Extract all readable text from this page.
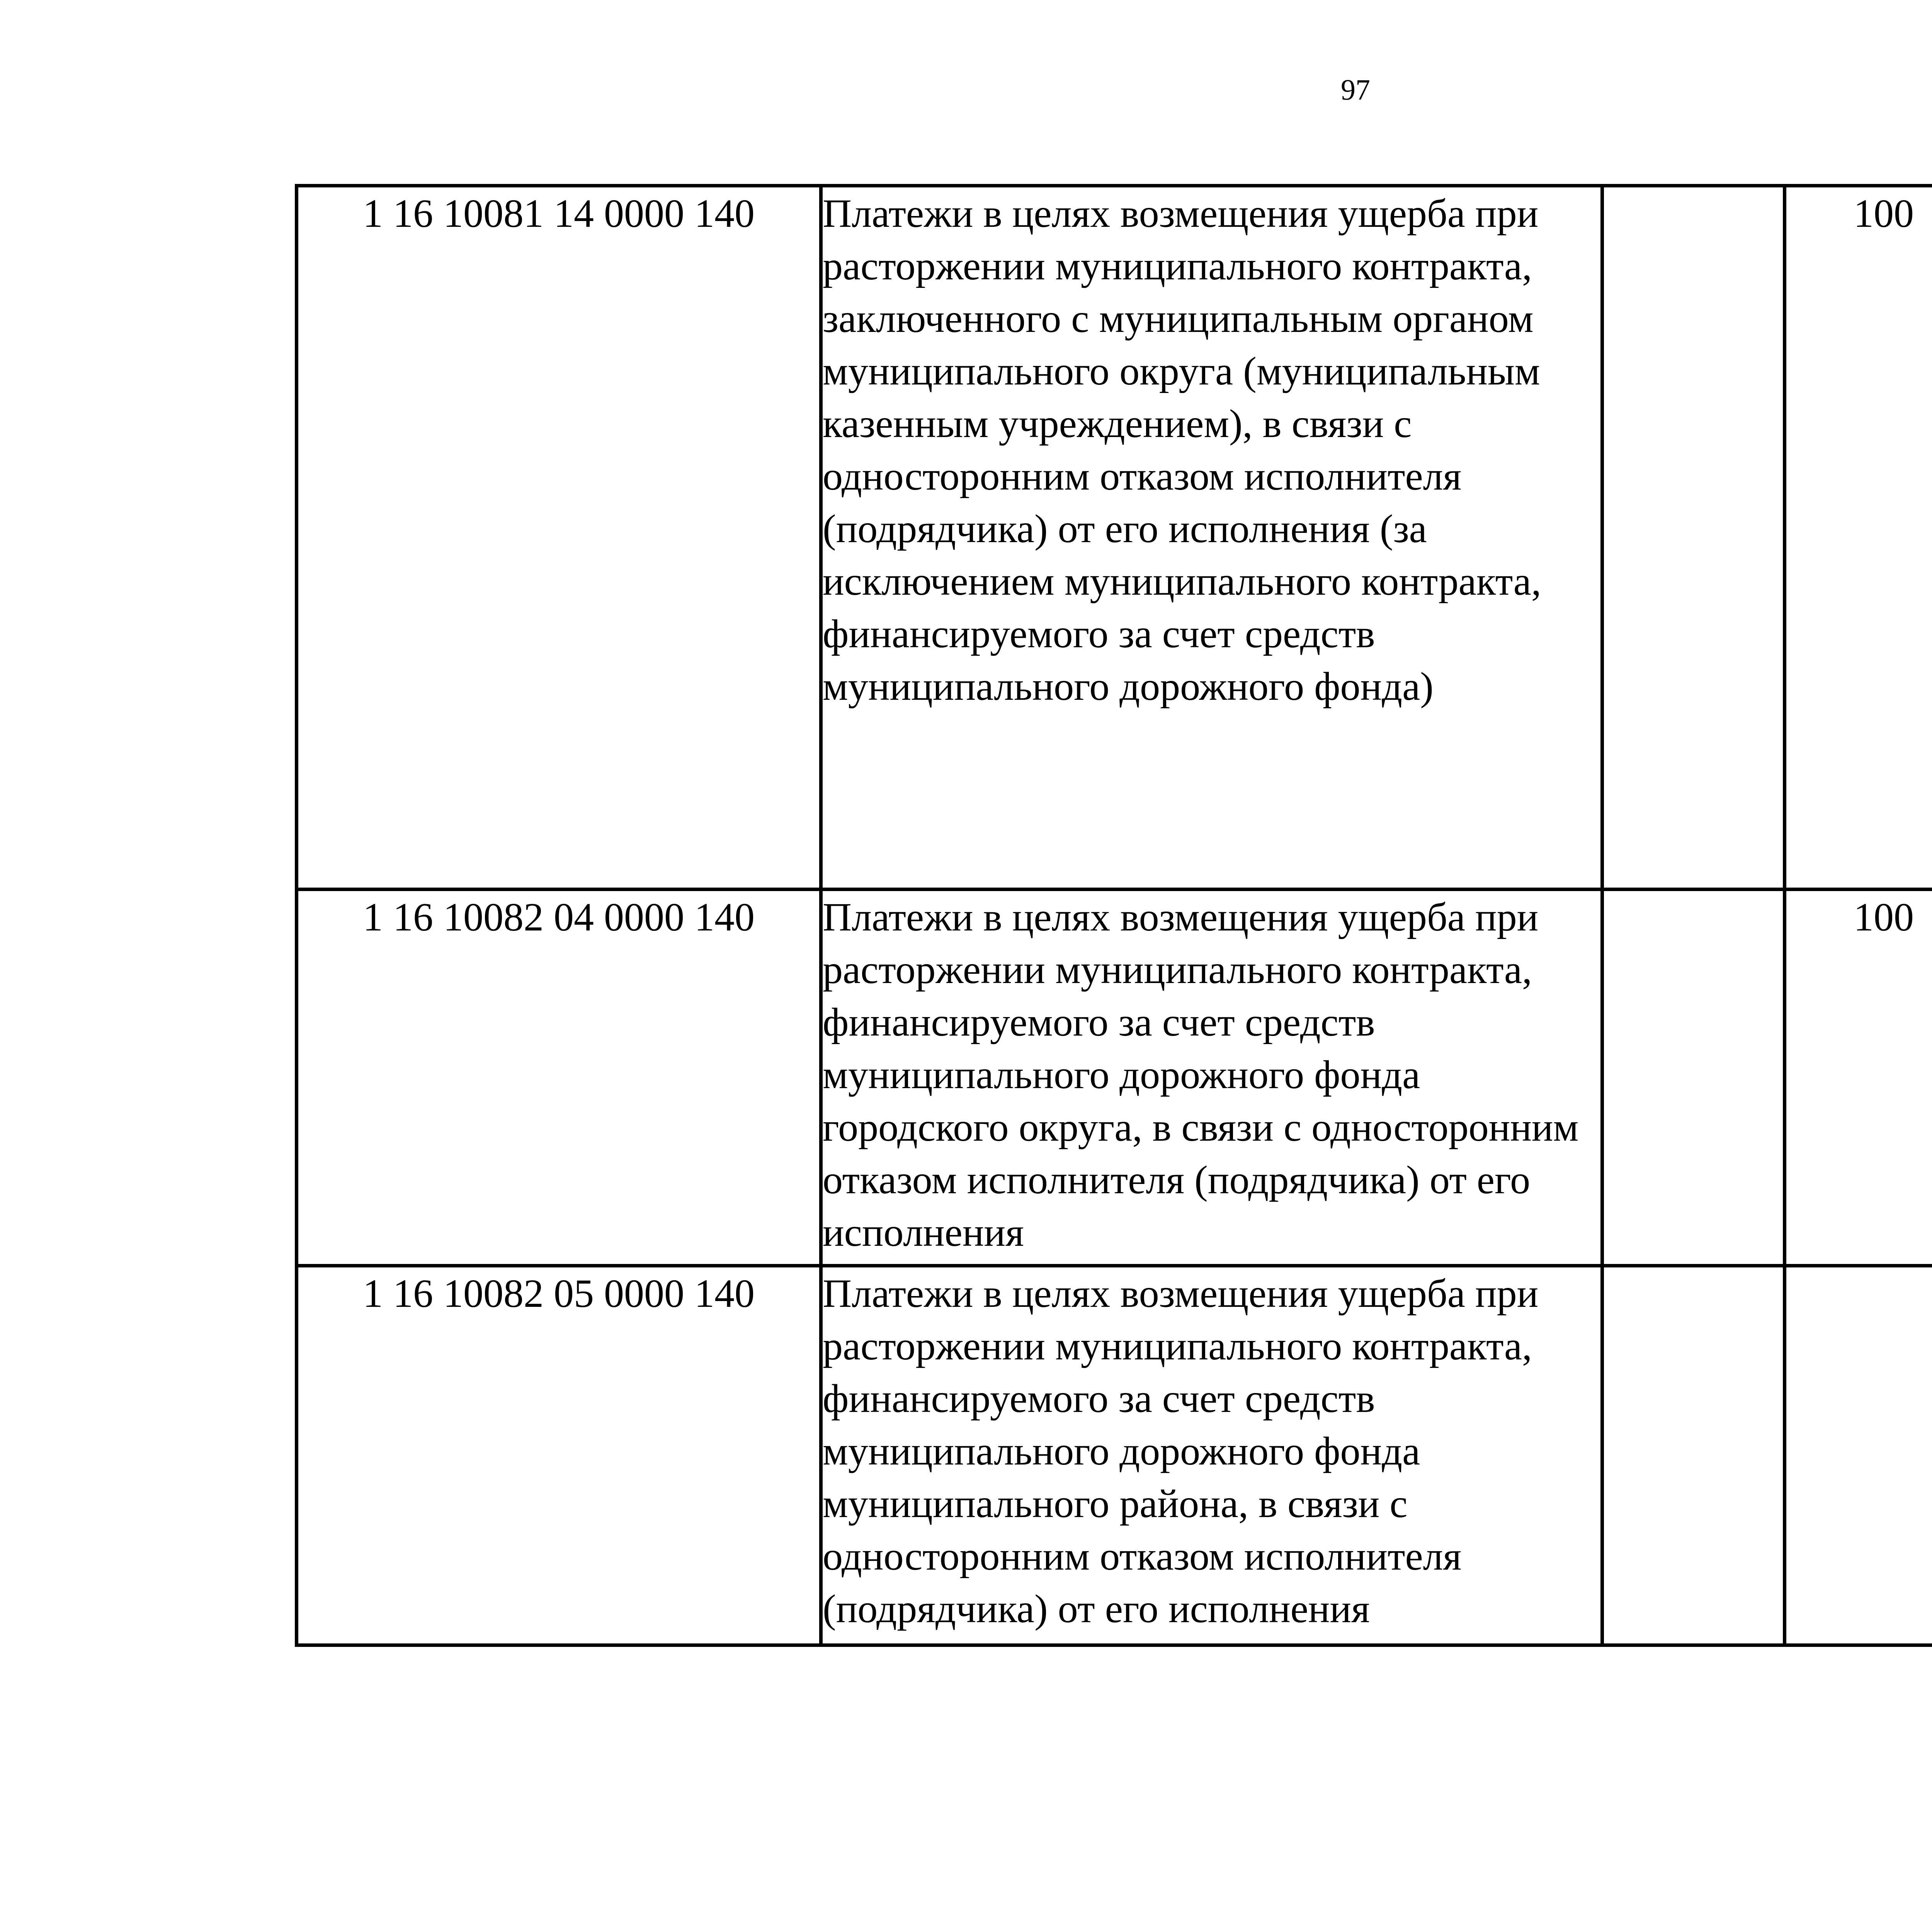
97
1 16 10081 14 0000 140	Платежи в целях возмещения ущерба при расторжении муниципального контракта, заключенного с муниципальным органом муниципального округа (муниципальным казенным учреждением), в связи с односторонним отказом исполнителя (подрядчика) от его исполнения (за исключением муниципального контракта, финансируемого за счет средств муниципального дорожного фонда)		100			
1 16 10082 04 0000 140	Платежи в целях возмещения ущерба при расторжении муниципального контракта, финансируемого за счет средств муниципального дорожного фонда городского округа, в связи с односторонним отказом исполнителя (подрядчика) от его исполнения		100			
1 16 10082 05 0000 140	Платежи в целях возмещения ущерба при расторжении муниципального контракта, финансируемого за счет средств муниципального дорожного фонда муниципального района, в связи с односторонним отказом исполнителя (подрядчика) от его исполнения					
